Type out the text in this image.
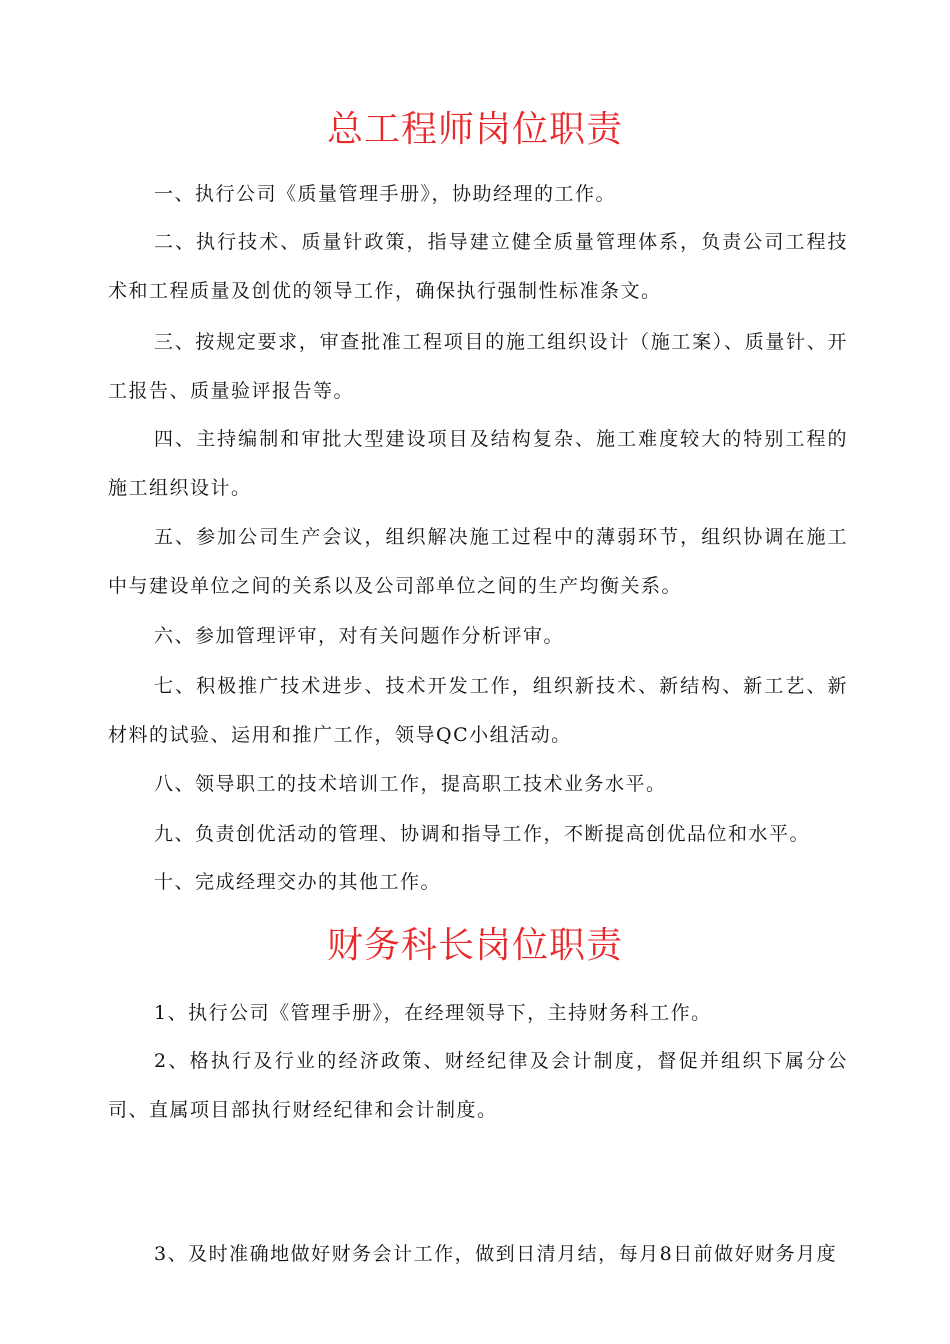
总工程师岗位职责

一、执行公司《质量管理手册》，协助经理的工作。

二、执行技术、质量针政策，指导建立健全质量管理体系，负责公司工程技术和工程质量及创优的领导工作，确保执行强制性标准条文。

三、按规定要求，审查批准工程项目的施工组织设计（施工案）、质量针、开工报告、质量验评报告等。

四、主持编制和审批大型建设项目及结构复杂、施工难度较大的特别工程的施工组织设计。

五、参加公司生产会议，组织解决施工过程中的薄弱环节，组织协调在施工中与建设单位之间的关系以及公司部单位之间的生产均衡关系。

六、参加管理评审，对有关问题作分析评审。

七、积极推广技术进步、技术开发工作，组织新技术、新结构、新工艺、新材料的试验、运用和推广工作，领导QC小组活动。

八、领导职工的技术培训工作，提高职工技术业务水平。

九、负责创优活动的管理、协调和指导工作，不断提高创优品位和水平。

十、完成经理交办的其他工作。

财务科长岗位职责

1、执行公司《管理手册》，在经理领导下，主持财务科工作。

2、格执行及行业的经济政策、财经纪律及会计制度，督促并组织下属分公司、直属项目部执行财经纪律和会计制度。

3、及时准确地做好财务会计工作，做到日清月结，每月8日前做好财务月度
